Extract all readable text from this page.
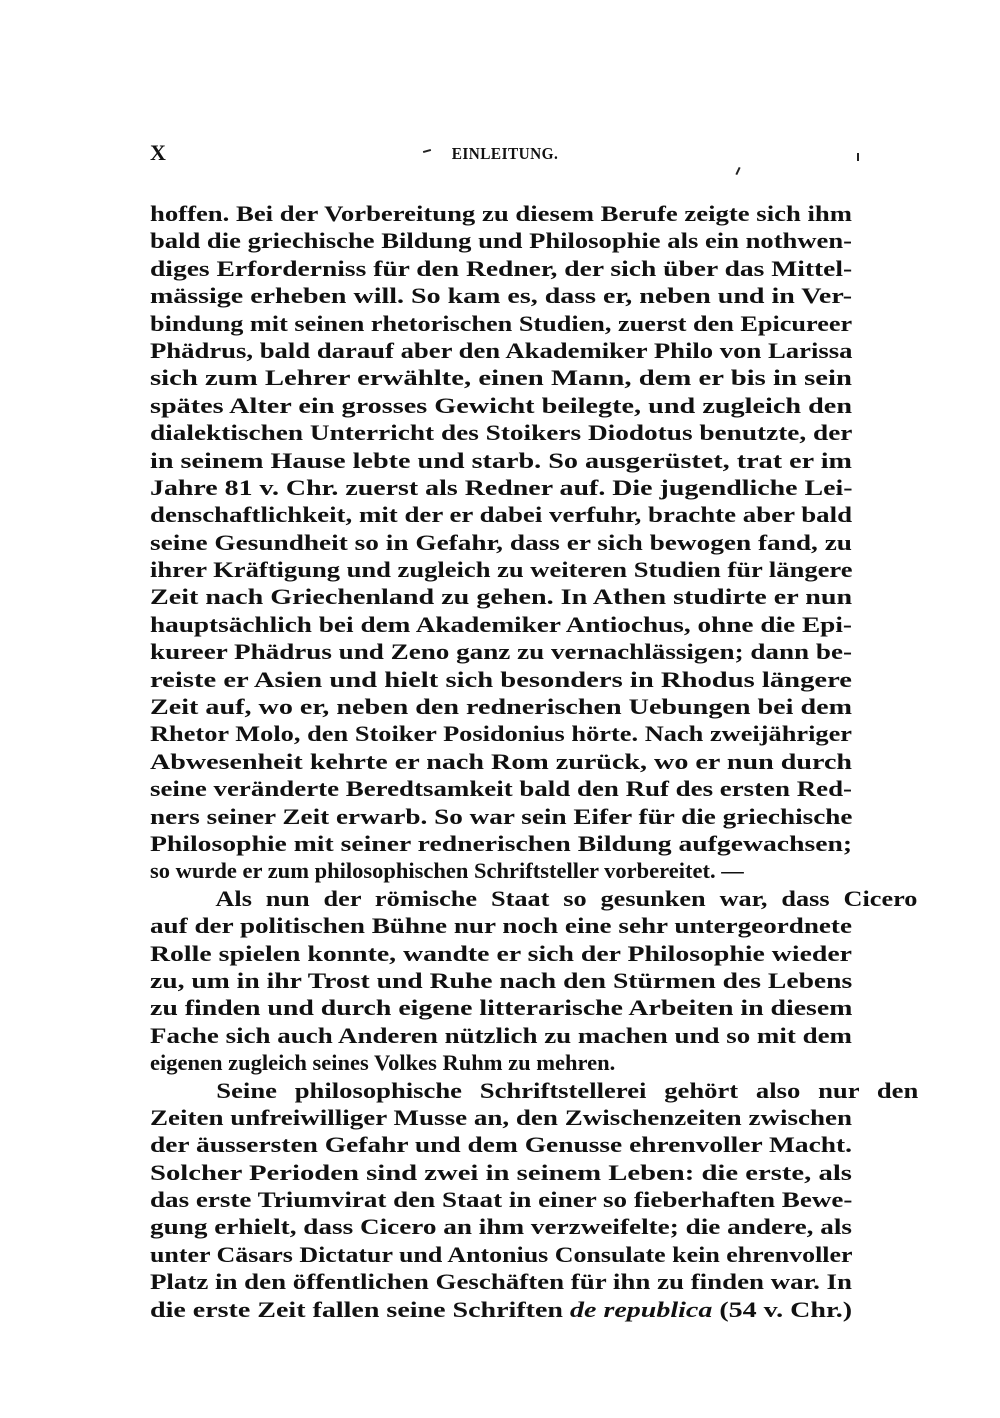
X	EINLEITUNG.
hoffen. Bei der Vorbereitung zu diesem Berufe zeigte sich ihm
bald die griechische Bildung und Philosophie als ein nothwen-
diges Erforderniss für den Redner, der sich über das Mittel-
mässige erheben will. So kam es, dass er, neben und in Ver-
bindung mit seinen rhetorischen Studien, zuerst den Epicureer
Phädrus, bald darauf aber den Akademiker Philo von Larissa
sich zum Lehrer erwählte, einen Mann, dem er bis in sein
spätes Alter ein grosses Gewicht beilegte, und zugleich den
dialektischen Unterricht des Stoikers Diodotus benutzte, der
in seinem Hause lebte und starb. So ausgerüstet, trat er im
Jahre 81 v. Chr. zuerst als Redner auf. Die jugendliche Lei-
denschaftlichkeit, mit der er dabei verfuhr, brachte aber bald
seine Gesundheit so in Gefahr, dass er sich bewogen fand, zu
ihrer Kräftigung und zugleich zu weiteren Studien für längere
Zeit nach Griechenland zu gehen. In Athen studirte er nun
hauptsächlich bei dem Akademiker Antiochus, ohne die Epi-
kureer Phädrus und Zeno ganz zu vernachlässigen; dann be-
reiste er Asien und hielt sich besonders in Rhodus längere
Zeit auf, wo er, neben den rednerischen Uebungen bei dem
Rhetor Molo, den Stoiker Posidonius hörte. Nach zweijähriger
Abwesenheit kehrte er nach Rom zurück, wo er nun durch
seine veränderte Beredtsamkeit bald den Ruf des ersten Red-
ners seiner Zeit erwarb. So war sein Eifer für die griechische
Philosophie mit seiner rednerischen Bildung aufgewachsen;
so wurde er zum philosophischen Schriftsteller vorbereitet. —
Als nun der römische Staat so gesunken war, dass Cicero
auf der politischen Bühne nur noch eine sehr untergeordnete
Rolle spielen konnte, wandte er sich der Philosophie wieder
zu, um in ihr Trost und Ruhe nach den Stürmen des Lebens
zu finden und durch eigene litterarische Arbeiten in diesem
Fache sich auch Anderen nützlich zu machen und so mit dem
eigenen zugleich seines Volkes Ruhm zu mehren.
Seine philosophische Schriftstellerei gehört also nur den
Zeiten unfreiwilliger Musse an, den Zwischenzeiten zwischen
der äussersten Gefahr und dem Genusse ehrenvoller Macht.
Solcher Perioden sind zwei in seinem Leben: die erste, als
das erste Triumvirat den Staat in einer so fieberhaften Bewe-
gung erhielt, dass Cicero an ihm verzweifelte; die andere, als
unter Cäsars Dictatur und Antonius Consulate kein ehrenvoller
Platz in den öffentlichen Geschäften für ihn zu finden war. In
die erste Zeit fallen seine Schriften de republica (54 v. Chr.)
